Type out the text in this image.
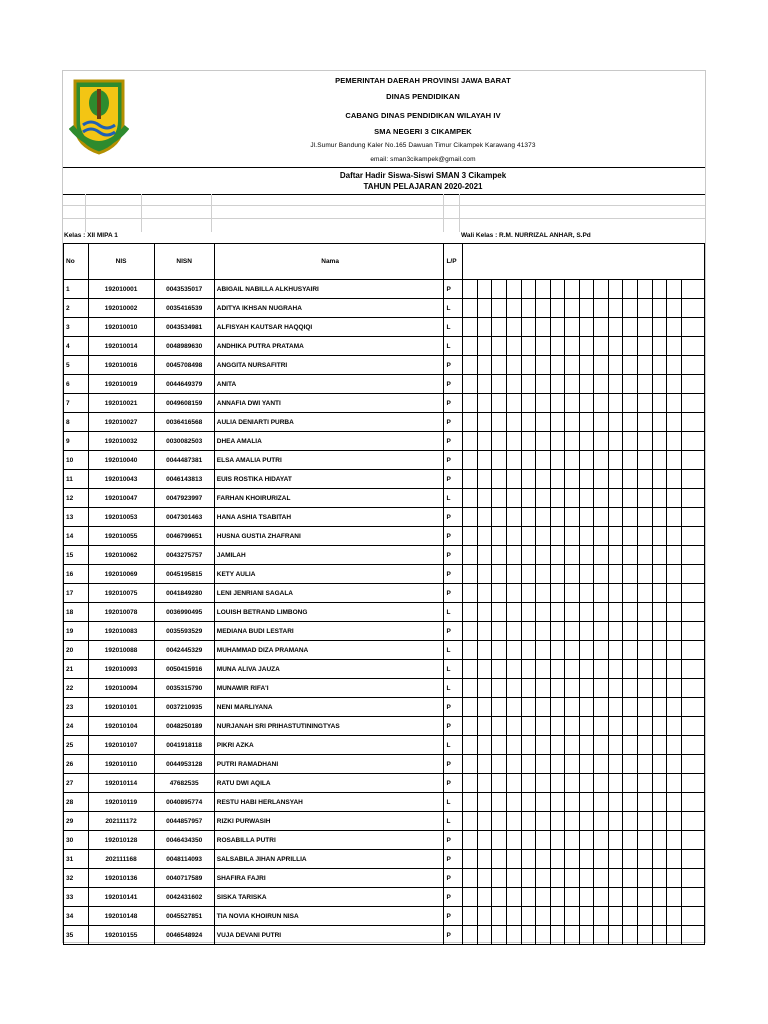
PEMERINTAH DAERAH PROVINSI JAWA BARAT
DINAS PENDIDIKAN
CABANG DINAS PENDIDIKAN WILAYAH IV
SMA NEGERI 3 CIKAMPEK
Jl.Sumur Bandung Kaler No.165 Dawuan Timur Cikampek Karawang 41373
email: sman3cikampek@gmail.com
Daftar Hadir Siswa-Siswi SMAN 3 Cikampek
TAHUN PELAJARAN 2020-2021
Kelas : XII MIPA 1	Wali Kelas : R.M. NURRIZAL ANHAR, S.Pd
No	NIS	NISN	Nama	L/P																
1	192010001	0043535017	ABIGAIL NABILLA ALKHUSYAIRI	P																
2	192010002	0035416539	ADITYA IKHSAN NUGRAHA	L																
3	192010010	0043534981	ALFISYAH KAUTSAR HAQQIQI	L																
4	192010014	0048989630	ANDHIKA PUTRA PRATAMA	L																
5	192010016	0045708498	ANGGITA NURSAFITRI	P																
6	192010019	0044649379	ANITA	P																
7	192010021	0049608159	ANNAFIA DWI YANTI	P																
8	192010027	0036416568	AULIA DENIARTI PURBA	P																
9	192010032	0030082503	DHEA AMALIA	P																
10	192010040	0044487381	ELSA AMALIA PUTRI	P																
11	192010043	0046143813	EUIS ROSTIKA HIDAYAT	P																
12	192010047	0047923997	FARHAN KHOIRURIZAL	L																
13	192010053	0047301463	HANA ASHIA TSABITAH	P																
14	192010055	0046799651	HUSNA GUSTIA ZHAFRANI	P																
15	192010062	0043275757	JAMILAH	P																
16	192010069	0045195815	KETY AULIA	P																
17	192010075	0041849280	LENI JENRIANI SAGALA	P																
18	192010078	0036990495	LOUISH BETRAND LIMBONG	L																
19	192010083	0035593529	MEDIANA BUDI LESTARI	P																
20	192010088	0042445329	MUHAMMAD DIZA PRAMANA	L																
21	192010093	0050415916	MUNA ALIVA JAUZA	L																
22	192010094	0035315790	MUNAWIR RIFA'I	L																
23	192010101	0037210935	NENI MARLIYANA	P																
24	192010104	0048250189	NURJANAH SRI PRIHASTUTININGTYAS	P																
25	192010107	0041918118	PIKRI AZKA	L																
26	192010110	0044953128	PUTRI RAMADHANI	P																
27	192010114	47682535	RATU DWI AQILA	P																
28	192010119	0040895774	RESTU HABI HERLANSYAH	L																
29	202111172	0044857957	RIZKI PURWASIH	L																
30	192010128	0046434350	ROSABILLA PUTRI	P																
31	202111168	0048114093	SALSABILA JIHAN APRILLIA	P																
32	192010136	0040717589	SHAFIRA FAJRI	P																
33	192010141	0042431602	SISKA TARISKA	P																
34	192010148	0045527851	TIA NOVIA KHOIRUN NISA	P																
35	192010155	0046548924	VUJA DEVANI PUTRI	P																
